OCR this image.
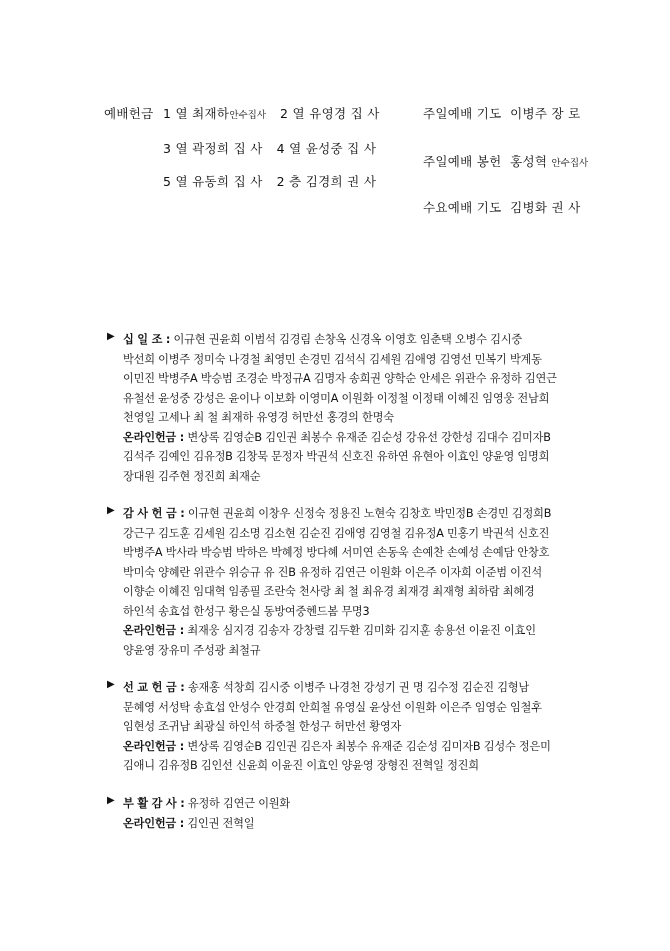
예배헌금 1 열 최재하안수집사 2 열 유영경 집 사
3 열 곽정희 집 사 4 열 윤성중 집 사
5 열 유동희 집 사 2 층 김경희 권 사
주일예배 기도 이병주 장 로
주일예배 봉헌 홍성혁 안수집사
수요예배 기도 김병화 권 사
▶ 십 일 조 : 이규현 권윤희 이범석 김경림 손창옥 신경옥 이영호 임춘택 오병수 김시중
박선희 이병주 정미숙 나경철 최영민 손경민 김석식 김세원 김애영 김영선 민복기 박계동
이민진 박병주A 박승범 조경순 박정규A 김명자 송희권 양학순 안세은 위관수 유정하 김연근
유철선 윤성중 강성은 윤이나 이보화 이영미A 이원화 이정철 이정태 이혜진 임영웅 전남희
천영일 고세나 최 철 최재하 유영경 허만선 홍경의 한명숙
온라인헌금 : 변상록 김영순B 김인권 최봉수 유재준 김순성 강유선 강한성 김대수 김미자B
김석주 김예인 김유정B 김창묵 문정자 박권석 신호진 유하연 유현아 이효인 양윤영 임명희
장대원 김주현 정진희 최재순
▶ 감 사 헌 금 : 이규현 권윤희 이창우 신정숙 정용진 노현숙 김창호 박민정B 손경민 김정희B
강근구 김도훈 김세원 김소명 김소현 김순진 김애영 김영철 김유정A 민홍기 박권석 신호진
박병주A 박사라 박승범 박하은 박혜정 방다혜 서미연 손동욱 손예찬 손예성 손예담 안창호
박미숙 양혜란 위관수 위승규 유 진B 유정하 김연근 이원화 이은주 이자희 이준범 이진석
이향순 이혜진 임대혁 임종필 조란숙 천사랑 최 철 최유경 최재경 최재형 최하람 최혜경
하인석 송효섭 한성구 황은실 동방여중헨드봄 무명3
온라인헌금 : 최재웅 심지경 김송자 강창렬 김두환 김미화 김지훈 송용선 이윤진 이효인
양윤영 장유미 주성광 최철규
▶ 선 교 헌 금 : 송재홍 석창희 김시중 이병주 나경천 강성기 권 명 김수정 김순진 김형남
문혜영 서성탁 송효섭 안성수 안경희 안희철 유영실 윤상선 이원화 이은주 임영순 임철후
임현성 조귀남 최광실 하인석 하중철 한성구 허만선 황영자
온라인헌금 : 변상록 김영순B 김인권 김은자 최봉수 유재준 김순성 김미자B 김성수 정은미
김애니 김유정B 김인선 신윤희 이윤진 이효인 양윤영 장형진 전혁일 정진희
▶ 부 활 감 사 : 유정하 김연근 이원화
온라인헌금 : 김인권 전혁일
